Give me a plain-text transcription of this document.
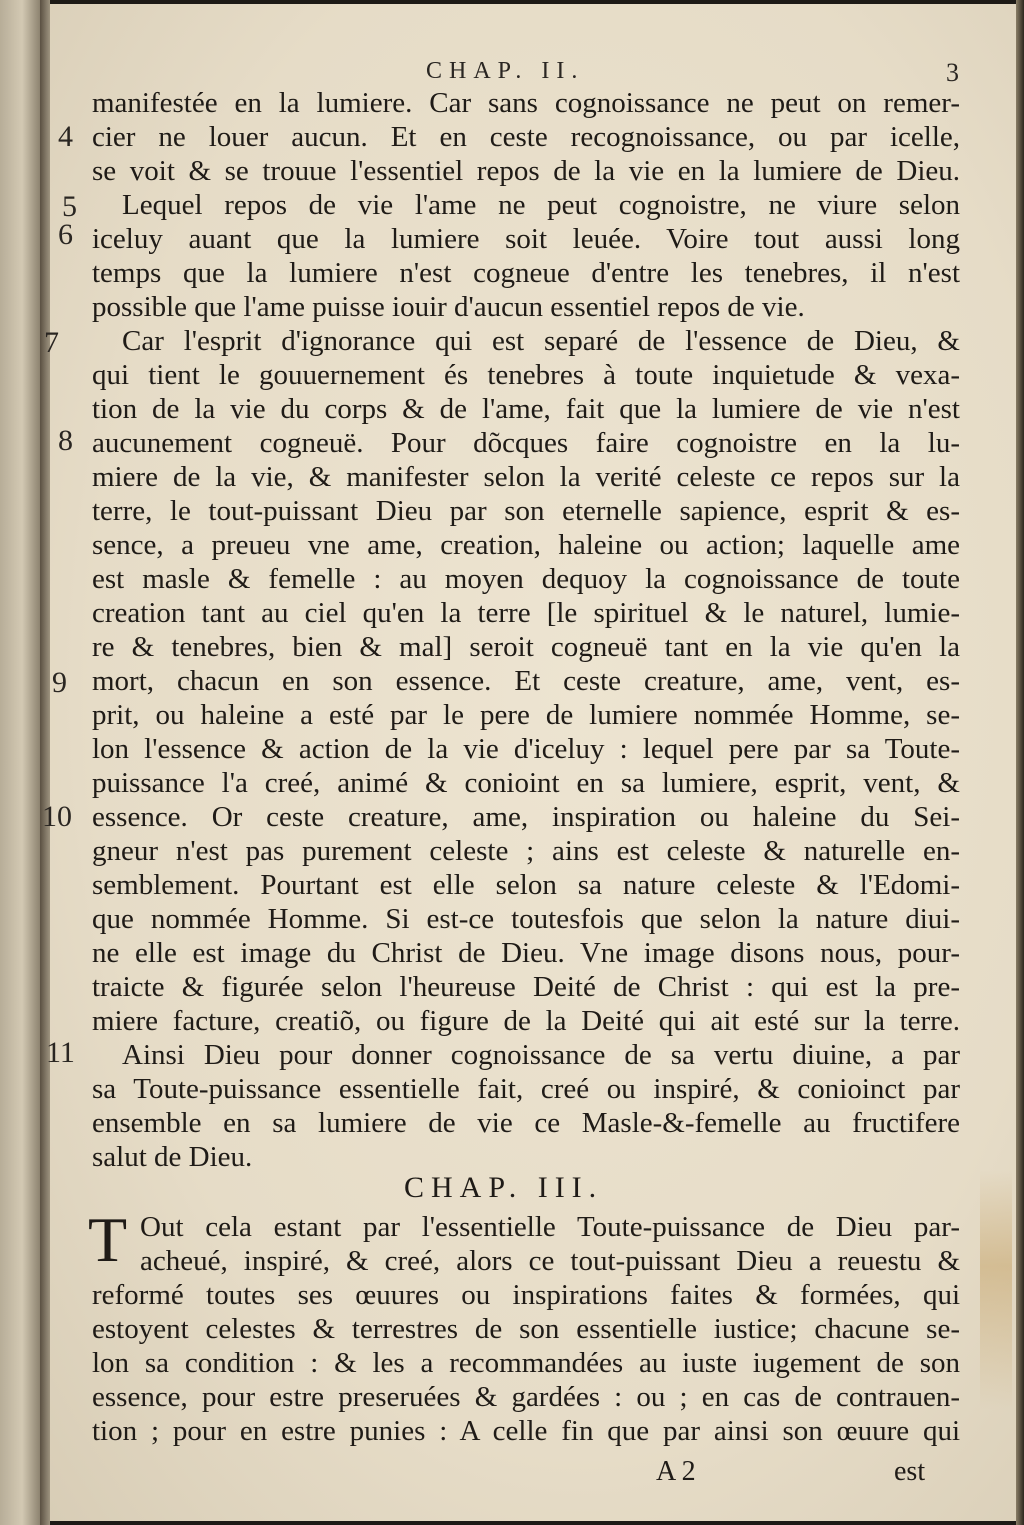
CHAP. II.	3
4
5
6
7
8
9
10
11
manifestée en la lumiere. Car sans cognoissance ne peut on remer-
cier ne louer aucun. Et en ceste recognoissance, ou par icelle,
se voit & se trouue l'essentiel repos de la vie en la lumiere de Dieu.
Lequel repos de vie l'ame ne peut cognoistre, ne viure selon
iceluy auant que la lumiere soit leuée. Voire tout aussi long
temps que la lumiere n'est cogneue d'entre les tenebres, il n'est
possible que l'ame puisse iouir d'aucun essentiel repos de vie.
Car l'esprit d'ignorance qui est separé de l'essence de Dieu, &
qui tient le gouuernement és tenebres à toute inquietude & vexa-
tion de la vie du corps & de l'ame, fait que la lumiere de vie n'est
aucunement cogneuë. Pour dõcques faire cognoistre en la lu-
miere de la vie, & manifester selon la verité celeste ce repos sur la
terre, le tout-puissant Dieu par son eternelle sapience, esprit & es-
sence, a preueu vne ame, creation, haleine ou action; laquelle ame
est masle & femelle : au moyen dequoy la cognoissance de toute
creation tant au ciel qu'en la terre [le spirituel & le naturel, lumie-
re & tenebres, bien & mal] seroit cogneuë tant en la vie qu'en la
mort, chacun en son essence. Et ceste creature, ame, vent, es-
prit, ou haleine a esté par le pere de lumiere nommée Homme, se-
lon l'essence & action de la vie d'iceluy : lequel pere par sa Toute-
puissance l'a creé, animé & conioint en sa lumiere, esprit, vent, &
essence. Or ceste creature, ame, inspiration ou haleine du Sei-
gneur n'est pas purement celeste ; ains est celeste & naturelle en-
semblement. Pourtant est elle selon sa nature celeste & l'Edomi-
que nommée Homme. Si est-ce toutesfois que selon la nature diui-
ne elle est image du Christ de Dieu. Vne image disons nous, pour-
traicte & figurée selon l'heureuse Deité de Christ : qui est la pre-
miere facture, creatiõ, ou figure de la Deité qui ait esté sur la terre.
Ainsi Dieu pour donner cognoissance de sa vertu diuine, a par
sa Toute-puissance essentielle fait, creé ou inspiré, & conioinct par
ensemble en sa lumiere de vie ce Masle-&-femelle au fructifere
salut de Dieu.
CHAP. III.
T Out cela estant par l'essentielle Toute-puissance de Dieu par-
acheué, inspiré, & creé, alors ce tout-puissant Dieu a reuestu &
reformé toutes ses œuures ou inspirations faites & formées, qui
estoyent celestes & terrestres de son essentielle iustice; chacune se-
lon sa condition : & les a recommandées au iuste iugement de son
essence, pour estre preseruées & gardées : ou ; en cas de contrauen-
tion ; pour en estre punies : A celle fin que par ainsi son œuure qui
A 2	est
